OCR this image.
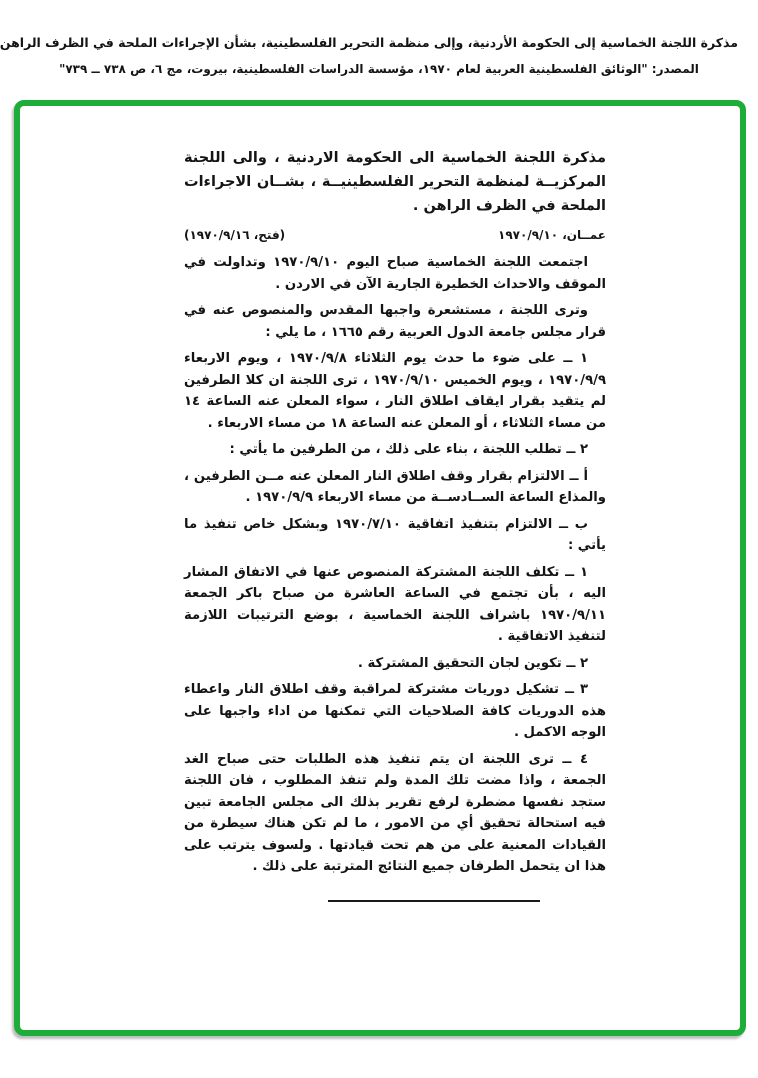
مذكرة اللجنة الخماسية إلى الحكومة الأردنية، وإلى منظمة التحرير الفلسطينية، بشأن الإجراءات الملحة في الظرف الراهن

المصدر: "الوثائق الفلسطينية العربية لعام ١٩٧٠، مؤسسة الدراسات الفلسطينية، بيروت، مج ٦، ص ٧٣٨ ــ ٧٣٩"

مذكرة اللجنة الخماسية الى الحكومة الاردنية ، والى اللجنة المركزيــة لمنظمة التحرير الفلسطينيــة ، بشــان الاجراءات الملحة في الظرف الراهن .

عمــان، ١٩٧٠/٩/١٠
(فتح، ١٩٧٠/٩/١٦)

اجتمعت اللجنة الخماسية صباح اليوم ١٩٧٠/٩/١٠ وتداولت في الموقف والاحداث الخطيرة الجارية الآن في الاردن .

وترى اللجنة ، مستشعرة واجبها المقدس والمنصوص عنه في قرار مجلس جامعة الدول العربية رقم ١٦٦٥ ، ما يلي :

١ ــ على ضوء ما حدث يوم الثلاثاء ١٩٧٠/٩/٨ ، ويوم الاربعاء ١٩٧٠/٩/٩ ، ويوم الخميس ١٩٧٠/٩/١٠ ، ترى اللجنة ان كلا الطرفين لم يتقيد بقرار ايقاف اطلاق النار ، سواء المعلن عنه الساعة ١٤ من مساء الثلاثاء ، أو المعلن عنه الساعة ١٨ من مساء الاربعاء .

٢ ــ تطلب اللجنة ، بناء على ذلك ، من الطرفين ما يأتي :

أ ــ الالتزام بقرار وقف اطلاق النار المعلن عنه مــن الطرفين ، والمذاع الساعة الســادســة من مساء الاربعاء ١٩٧٠/٩/٩ .

ب ــ الالتزام بتنفيذ اتفاقية ١٩٧٠/٧/١٠ وبشكل خاص تنفيذ ما يأتي :

١ ــ تكلف اللجنة المشتركة المنصوص عنها في الاتفاق المشار اليه ، بأن تجتمع في الساعة العاشرة من صباح باكر الجمعة ١٩٧٠/٩/١١ باشراف اللجنة الخماسية ، بوضع الترتيبات اللازمة لتنفيذ الاتفاقية .

٢ ــ تكوين لجان التحقيق المشتركة .

٣ ــ تشكيل دوريات مشتركة لمراقبة وقف اطلاق النار واعطاء هذه الدوريات كافة الصلاحيات التي تمكنها من اداء واجبها على الوجه الاكمل .

٤ ــ ترى اللجنة ان يتم تنفيذ هذه الطلبات حتى صباح الغد الجمعة ، واذا مضت تلك المدة ولم تنفذ المطلوب ، فان اللجنة ستجد نفسها مضطرة لرفع تقرير بذلك الى مجلس الجامعة تبين فيه استحالة تحقيق أي من الامور ، ما لم تكن هناك سيطرة من القيادات المعنية على من هم تحت قيادتها . ولسوف يترتب على هذا ان يتحمل الطرفان جميع النتائج المترتبة على ذلك .
